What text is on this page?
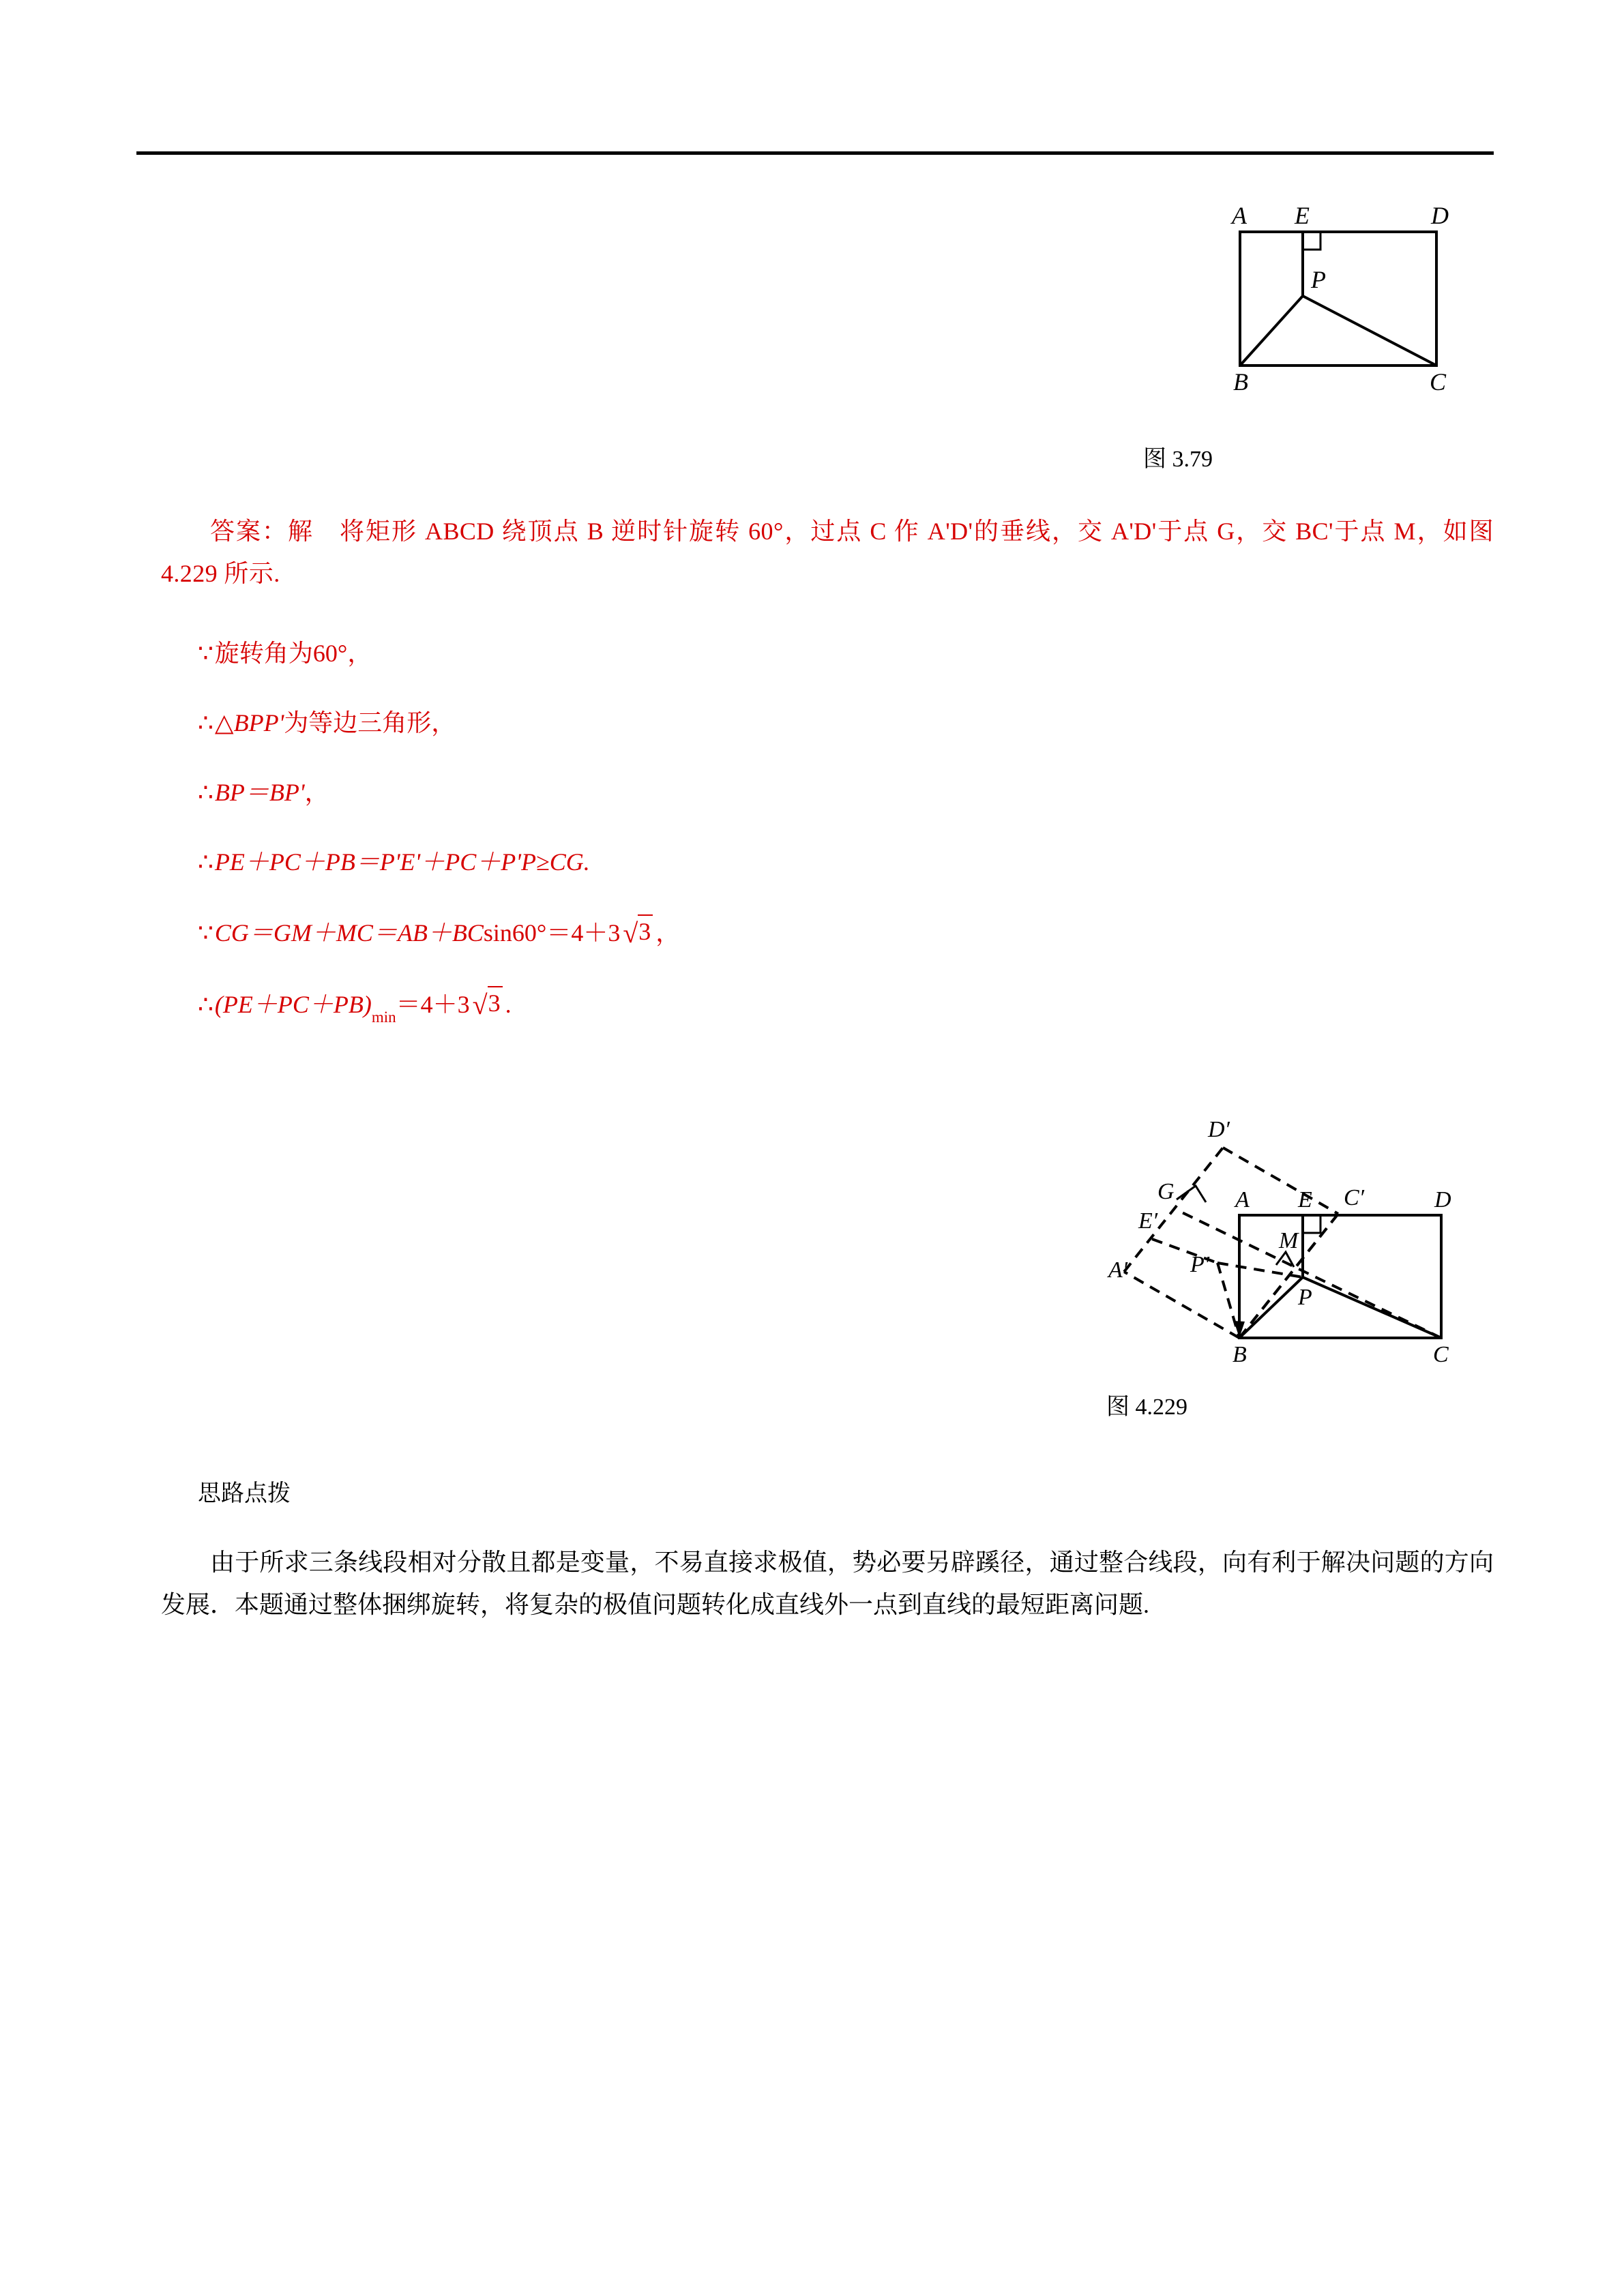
A E	D
P
B	C
图 3.79
D′
C′
G
E′
A′	P′
A E	D
M
P
B	C
图 4.229
答案：解　将矩形 ABCD 绕顶点 B 逆时针旋转 60°，过点 C 作 A'D'的垂线，交 A'D'于点 G，交 BC'于点 M，如图 4.229 所示.
∵旋转角为60°，
∴△BPP'为等边三角形，
∴BP＝BP'，
∴PE＋PC＋PB＝P'E'＋PC＋P'P≥CG.
∵CG＝GM＋MC＝AB＋BCsin60°＝4＋3 √3 ，
$\therefore(PE+PC+PB)_{min}=4+3$ √3 .
思路点拨
由于所求三条线段相对分散且都是变量，不易直接求极值，势必要另辟蹊径，通过整合线段，向有利于解决问题的方向发展．本题通过整体捆绑旋转，将复杂的极值问题转化成直线外一点到直线的最短距离问题.
